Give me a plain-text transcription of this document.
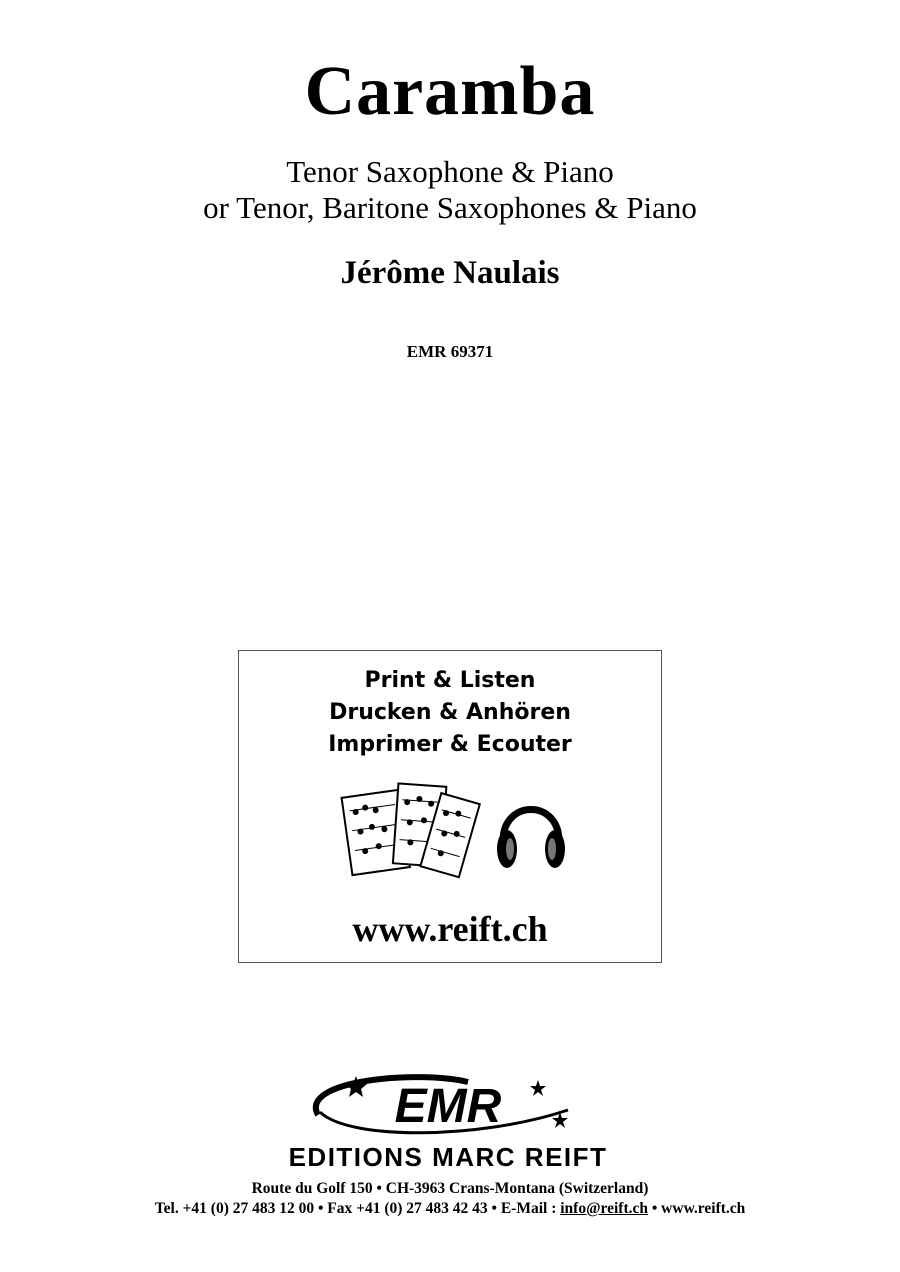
Caramba
Tenor Saxophone & Piano
or Tenor, Baritone Saxophones & Piano
Jérôme Naulais
EMR 69371
Print & Listen
Drucken & Anhören
Imprimer & Ecouter
www.reift.ch
EMR
EDITIONS MARC REIFT
Route du Golf 150 • CH-3963 Crans-Montana (Switzerland)
Tel. +41 (0) 27 483 12 00 • Fax +41 (0) 27 483 42 43 • E-Mail : info@reift.ch • www.reift.ch
